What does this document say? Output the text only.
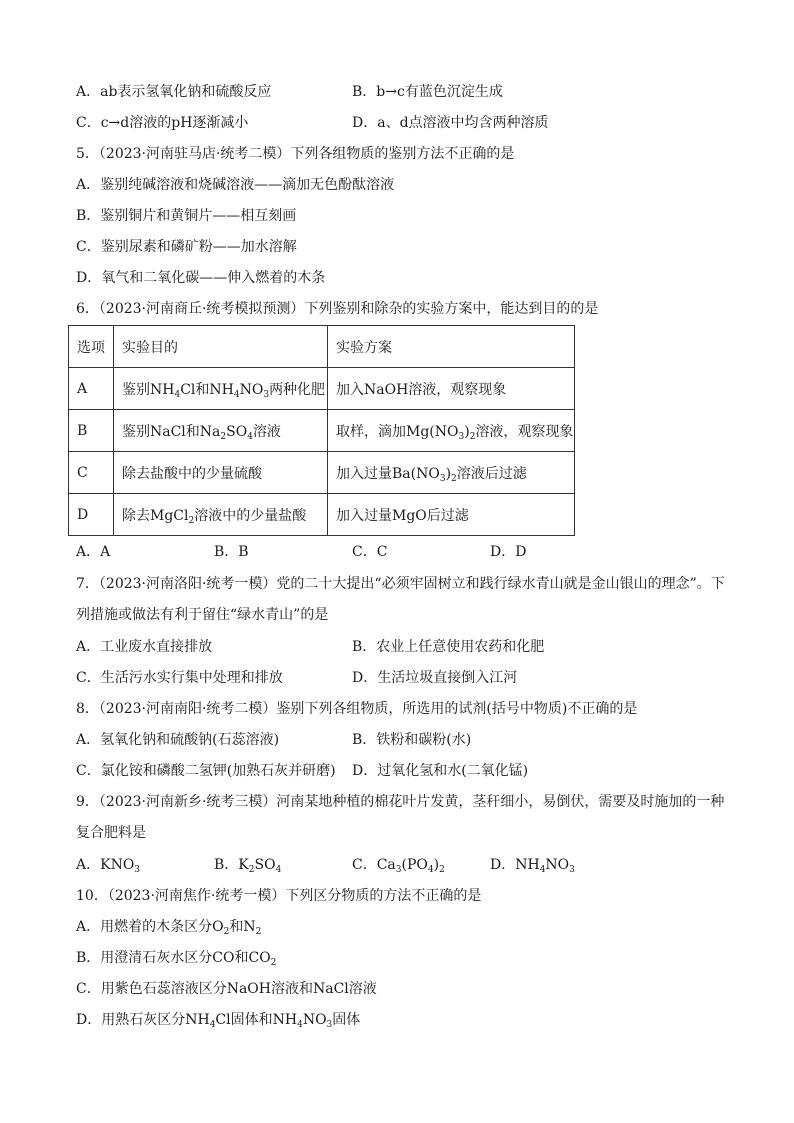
A．ab表示氢氧化钠和硫酸反应	B．b→c有蓝色沉淀生成
C．c→d溶液的pH逐渐减小	D．a、d点溶液中均含两种溶质
5．（2023·河南驻马店·统考二模）下列各组物质的鉴别方法不正确的是
A．鉴别纯碱溶液和烧碱溶液——滴加无色酚酞溶液
B．鉴别铜片和黄铜片——相互刻画
C．鉴别尿素和磷矿粉——加水溶解
D．氧气和二氧化碳——伸入燃着的木条
6．（2023·河南商丘·统考模拟预测）下列鉴别和除杂的实验方案中，能达到目的的是
选项	实验目的	实验方案
A	鉴别$NH_4Cl$和$NH_4NO_3$两种化肥	加入NaOH溶液，观察现象
B	鉴别NaCl和$Na_2SO_4$溶液	取样，滴加$Mg(NO_3)_2$溶液，观察现象
C	除去盐酸中的少量硫酸	加入过量$Ba(NO_3)_2$溶液后过滤
D	除去MgCl$_2$溶液中的少量盐酸	加入过量MgO后过滤
A．A	B．B	C．C	D．D
7．（2023·河南洛阳·统考一模）党的二十大提出“必须牢固树立和践行绿水青山就是金山银山的理念”。下
列措施或做法有利于留住“绿水青山”的是
A．工业废水直接排放	B．农业上任意使用农药和化肥
C．生活污水实行集中处理和排放	D．生活垃圾直接倒入江河
8．（2023·河南南阳·统考二模）鉴别下列各组物质，所选用的试剂(括号中物质)不正确的是
A．氢氧化钠和硫酸钠(石蕊溶液)	B．铁粉和碳粉(水)
C．氯化铵和磷酸二氢钾(加熟石灰并研磨) D．过氧化氢和水(二氧化锰)
9．（2023·河南新乡·统考三模）河南某地种植的棉花叶片发黄，茎秆细小，易倒伏，需要及时施加的一种
复合肥料是
A．$KNO_3$	B．$K_2SO_4$	C．$Ca_3(PO_4)_2$	D．$NH_4NO_3$
10．（2023·河南焦作·统考一模）下列区分物质的方法不正确的是
A．用燃着的木条区分$O_2$和$N_2$
B．用澄清石灰水区分CO和$CO_2$
C．用紫色石蕊溶液区分NaOH溶液和NaCl溶液
D．用熟石灰区分$NH_4Cl$固体和$NH_4NO_3$固体
